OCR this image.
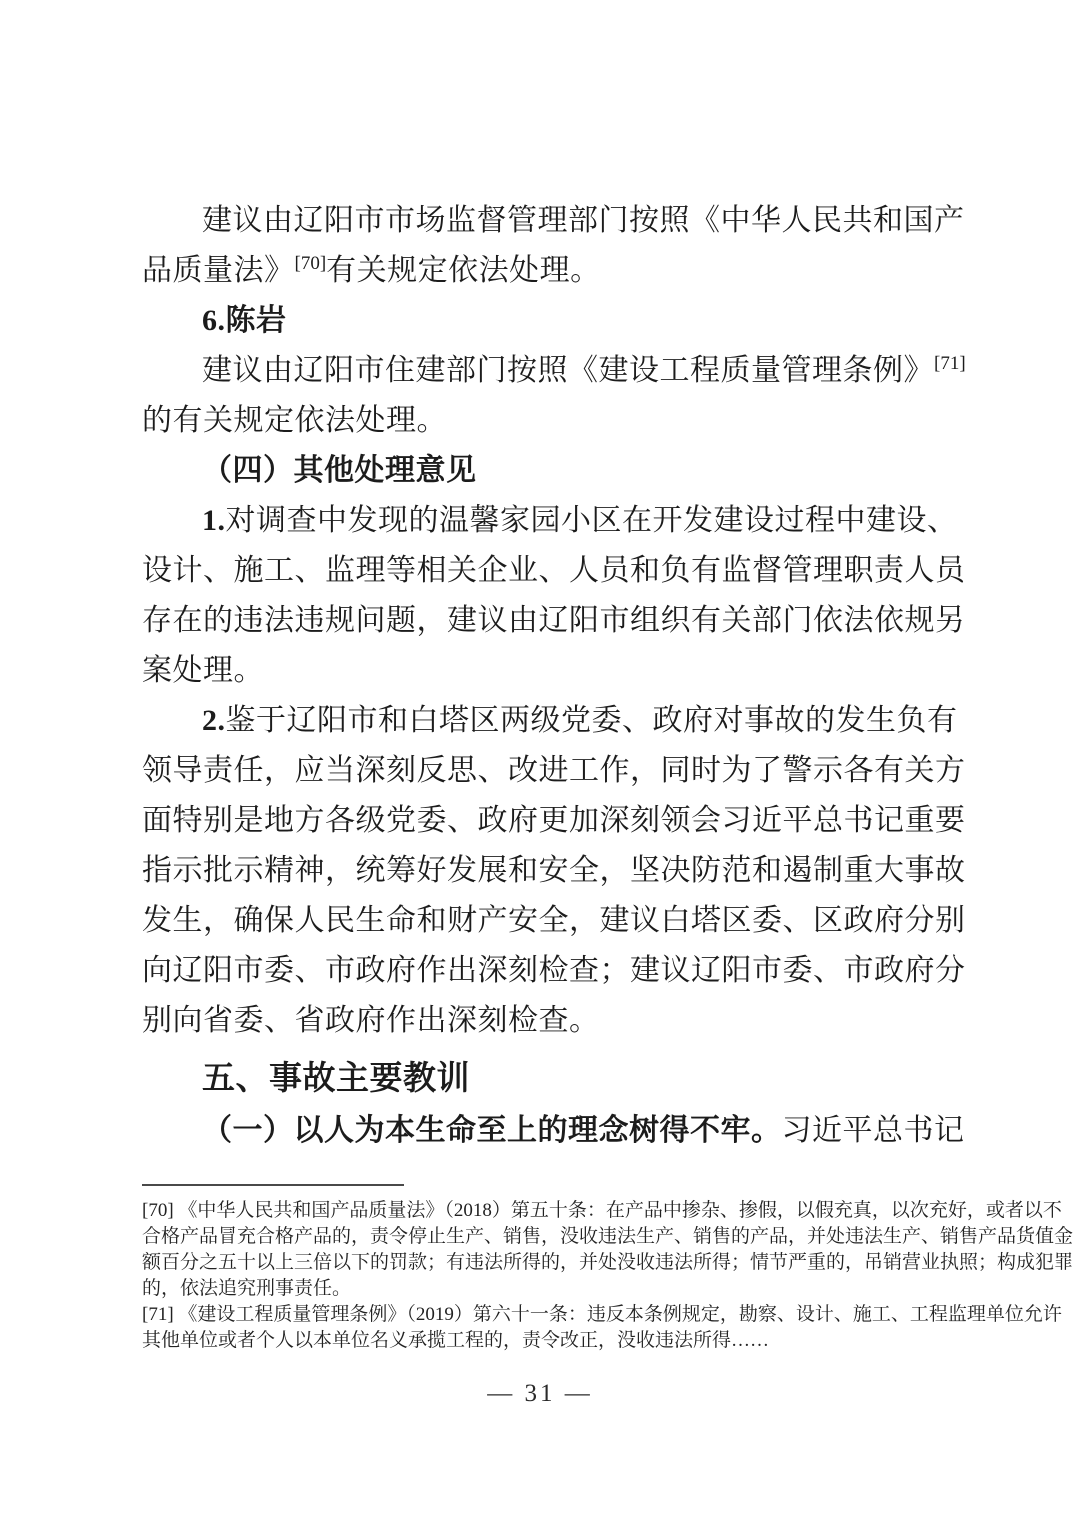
建议由辽阳市市场监督管理部门按照《中华人民共和国产
品质量法》[70]有关规定依法处理。
6.陈岩
建议由辽阳市住建部门按照《建设工程质量管理条例》[71]
的有关规定依法处理。
（四）其他处理意见
1.对调查中发现的温馨家园小区在开发建设过程中建设、
设计、施工、监理等相关企业、人员和负有监督管理职责人员
存在的违法违规问题，建议由辽阳市组织有关部门依法依规另
案处理。
2.鉴于辽阳市和白塔区两级党委、政府对事故的发生负有
领导责任，应当深刻反思、改进工作，同时为了警示各有关方
面特别是地方各级党委、政府更加深刻领会习近平总书记重要
指示批示精神，统筹好发展和安全，坚决防范和遏制重大事故
发生，确保人民生命和财产安全，建议白塔区委、区政府分别
向辽阳市委、市政府作出深刻检查；建议辽阳市委、市政府分
别向省委、省政府作出深刻检查。
五、事故主要教训
（一）以人为本生命至上的理念树得不牢。习近平总书记
[70] 《中华人民共和国产品质量法》（2018）第五十条：在产品中掺杂、掺假，以假充真，以次充好，或者以不
合格产品冒充合格产品的，责令停止生产、销售，没收违法生产、销售的产品，并处违法生产、销售产品货值金
额百分之五十以上三倍以下的罚款；有违法所得的，并处没收违法所得；情节严重的，吊销营业执照；构成犯罪
的，依法追究刑事责任。
[71] 《建设工程质量管理条例》（2019）第六十一条：违反本条例规定，勘察、设计、施工、工程监理单位允许
其他单位或者个人以本单位名义承揽工程的，责令改正，没收违法所得……
— 31 —
